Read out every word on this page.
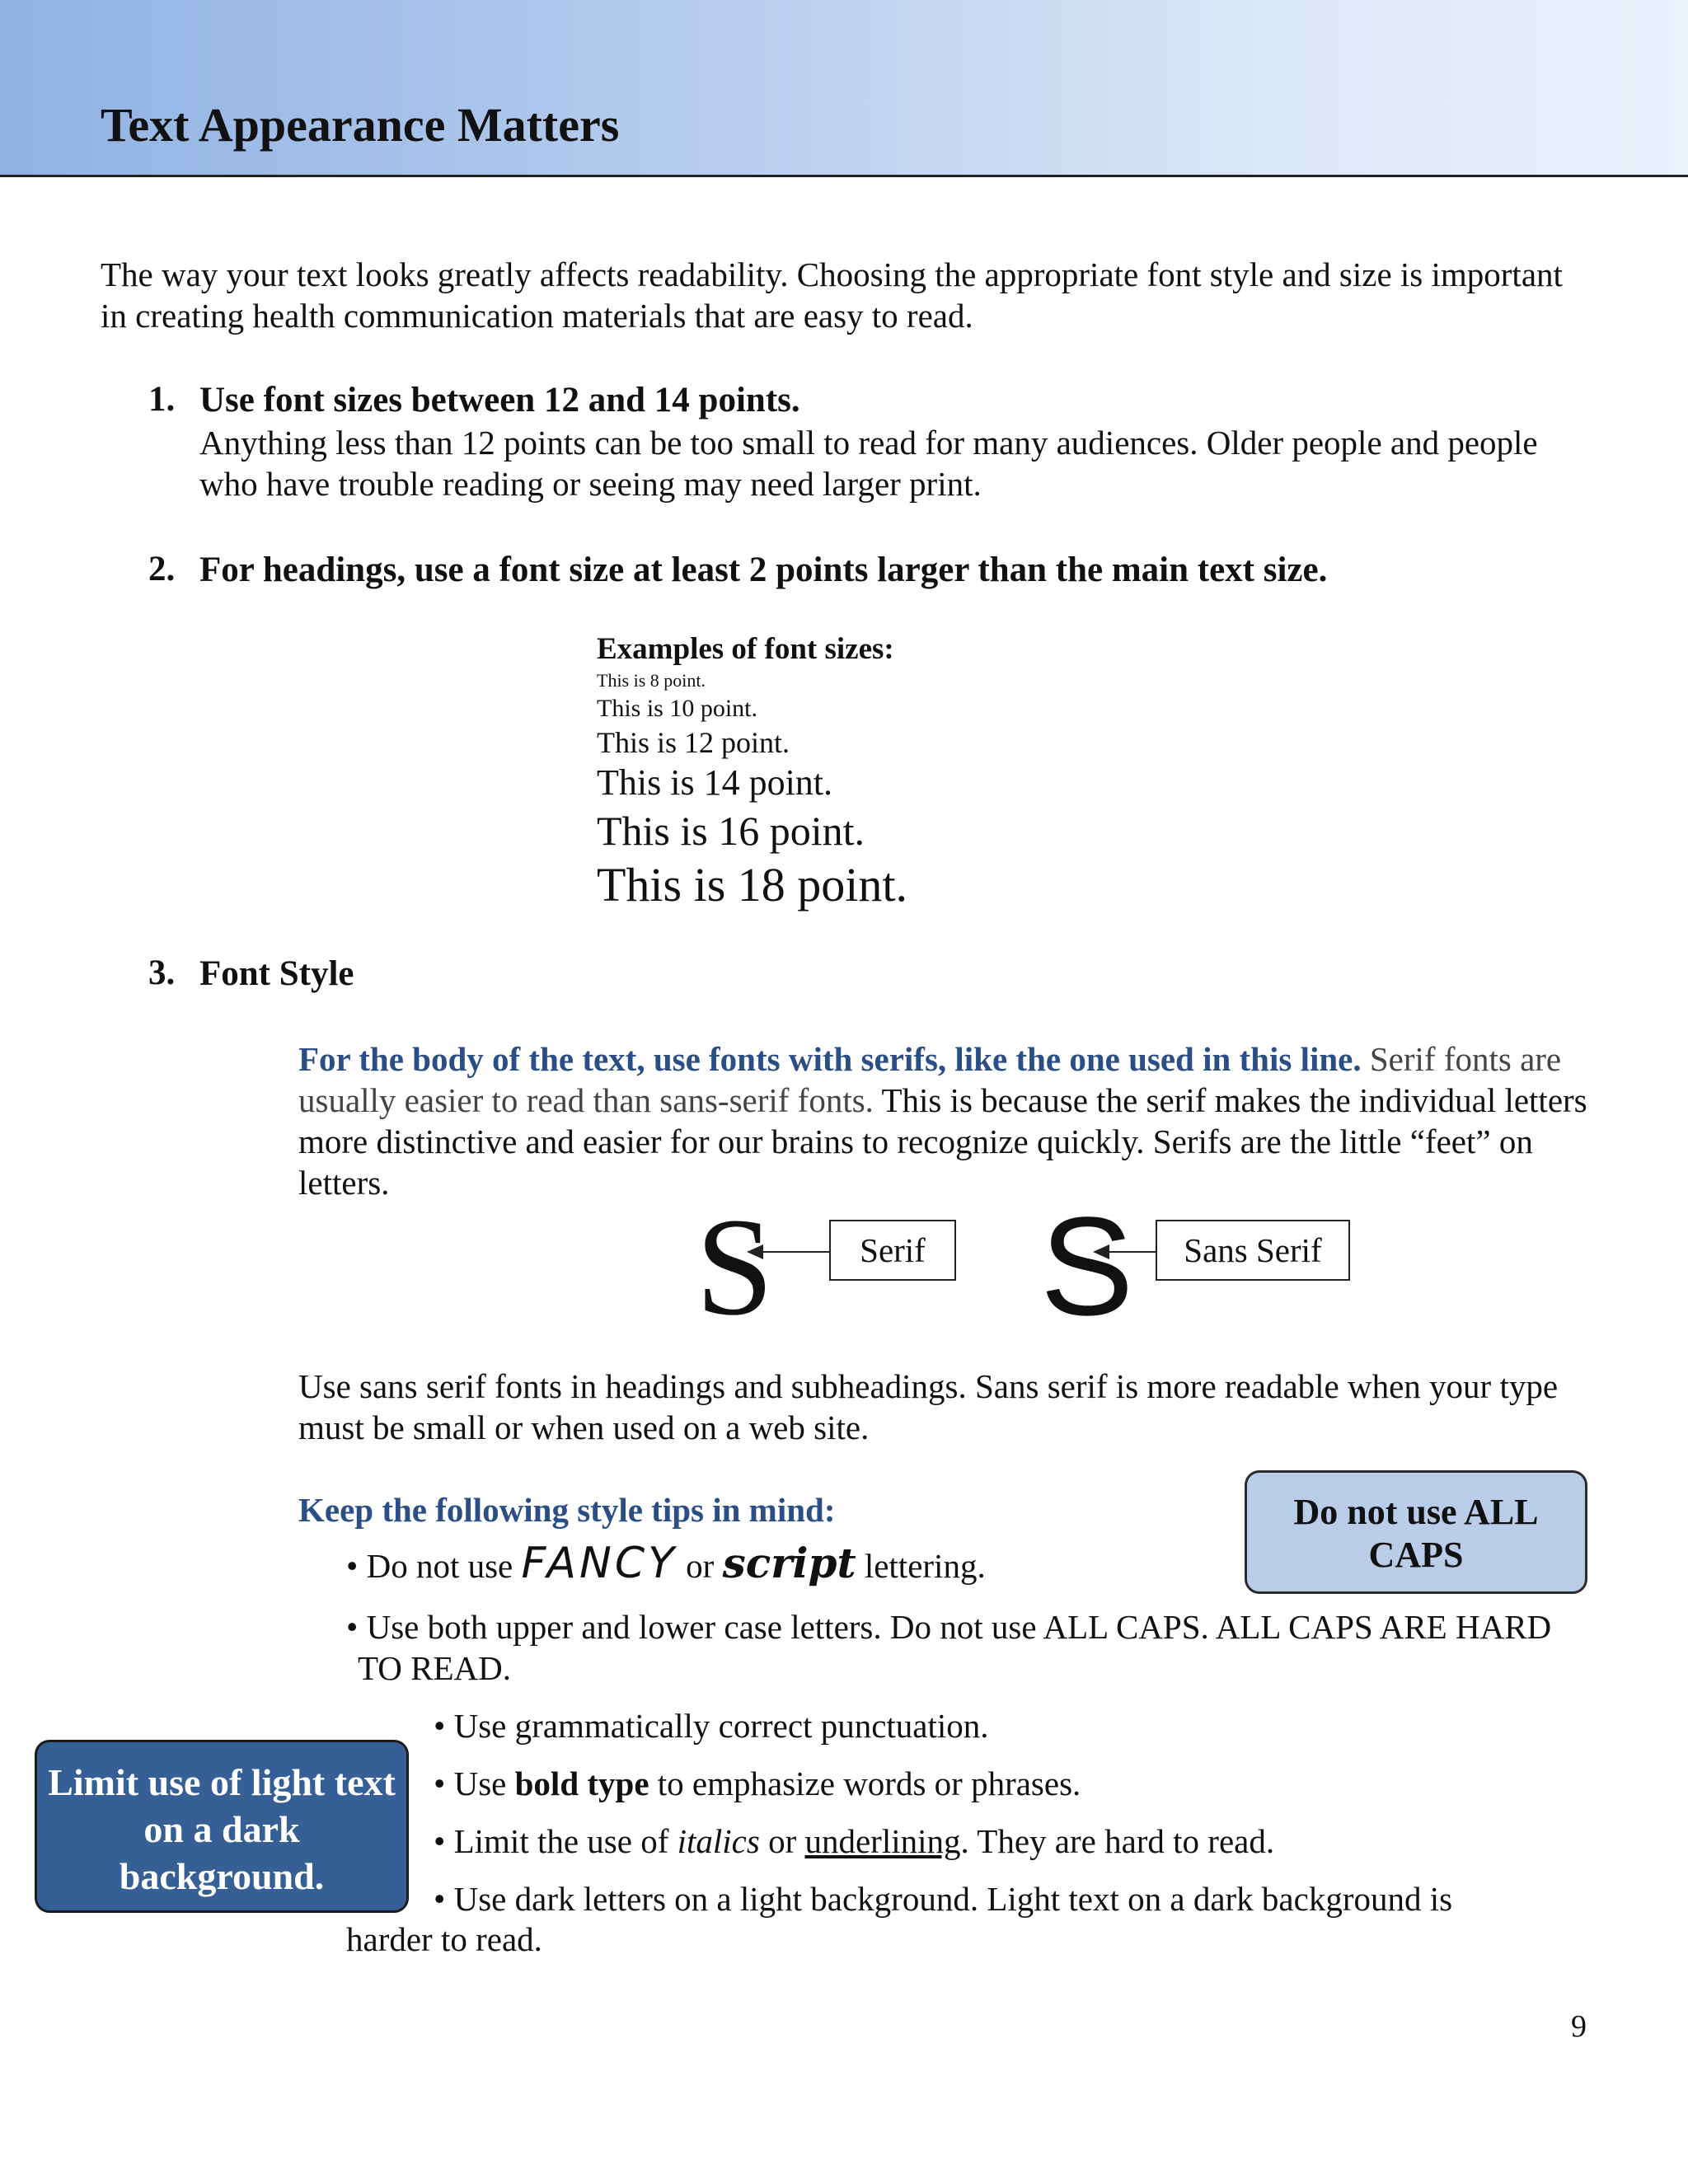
Text Appearance Matters
The way your text looks greatly affects readability. Choosing the appropriate font style and size is important in creating health communication materials that are easy to read.
1. Use font sizes between 12 and 14 points.
Anything less than 12 points can be too small to read for many audiences. Older people and people who have trouble reading or seeing may need larger print.
2. For headings, use a font size at least 2 points larger than the main text size.
Examples of font sizes:
This is 8 point.
This is 10 point.
This is 12 point.
This is 14 point.
This is 16 point.
This is 18 point.
3. Font Style
For the body of the text, use fonts with serifs, like the one used in this line. Serif fonts are usually easier to read than sans-serif fonts. This is because the serif makes the individual letters more distinctive and easier for our brains to recognize quickly. Serifs are the little “feet” on letters.
S	Serif S	Sans Serif
Use sans serif fonts in headings and subheadings. Sans serif is more readable when your type must be small or when used on a web site.
Keep the following style tips in mind:
• Do not use FANCY or script lettering.
• Use both upper and lower case letters. Do not use ALL CAPS. ALL CAPS ARE HARD TO READ.
• Use grammatically correct punctuation.
• Use bold type to emphasize words or phrases.
• Limit the use of italics or underlining. They are hard to read.
• Use dark letters on a light background. Light text on a dark background is
harder to read.
Do not use ALL CAPS
Limit use of light text on a dark background.
9
